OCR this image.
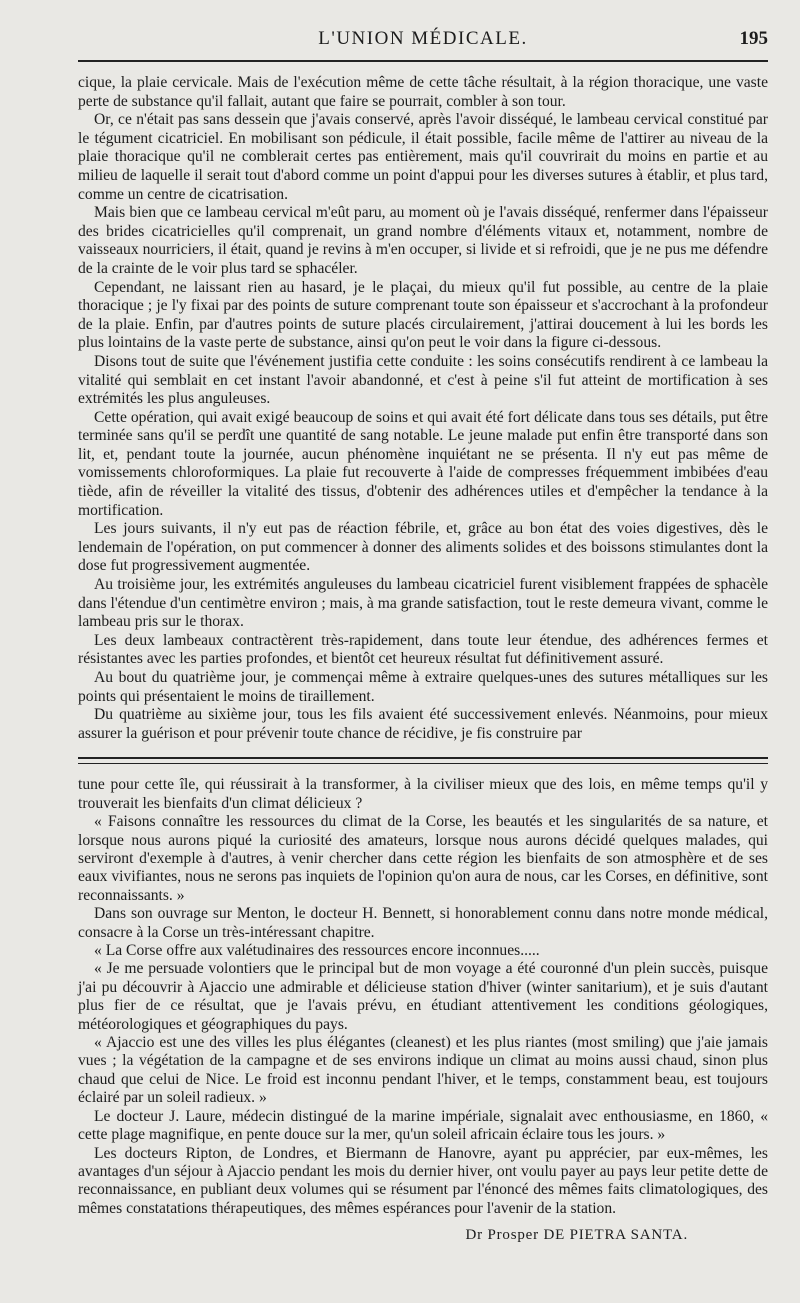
L'UNION MÉDICALE.	195

cique, la plaie cervicale. Mais de l'exécution même de cette tâche résultait, à la région thoracique, une vaste perte de substance qu'il fallait, autant que faire se pourrait, combler à son tour.

Or, ce n'était pas sans dessein que j'avais conservé, après l'avoir disséqué, le lambeau cervical constitué par le tégument cicatriciel. En mobilisant son pédicule, il était possible, facile même de l'attirer au niveau de la plaie thoracique qu'il ne comblerait certes pas entièrement, mais qu'il couvrirait du moins en partie et au milieu de laquelle il serait tout d'abord comme un point d'appui pour les diverses sutures à établir, et plus tard, comme un centre de cicatrisation.

Mais bien que ce lambeau cervical m'eût paru, au moment où je l'avais disséqué, renfermer dans l'épaisseur des brides cicatricielles qu'il comprenait, un grand nombre d'éléments vitaux et, notamment, nombre de vaisseaux nourriciers, il était, quand je revins à m'en occuper, si livide et si refroidi, que je ne pus me défendre de la crainte de le voir plus tard se sphacéler.

Cependant, ne laissant rien au hasard, je le plaçai, du mieux qu'il fut possible, au centre de la plaie thoracique ; je l'y fixai par des points de suture comprenant toute son épaisseur et s'accrochant à la profondeur de la plaie. Enfin, par d'autres points de suture placés circulairement, j'attirai doucement à lui les bords les plus lointains de la vaste perte de substance, ainsi qu'on peut le voir dans la figure ci-dessous.

Disons tout de suite que l'événement justifia cette conduite : les soins consécutifs rendirent à ce lambeau la vitalité qui semblait en cet instant l'avoir abandonné, et c'est à peine s'il fut atteint de mortification à ses extrémités les plus anguleuses.

Cette opération, qui avait exigé beaucoup de soins et qui avait été fort délicate dans tous ses détails, put être terminée sans qu'il se perdît une quantité de sang notable. Le jeune malade put enfin être transporté dans son lit, et, pendant toute la journée, aucun phénomène inquiétant ne se présenta. Il n'y eut pas même de vomissements chloroformiques. La plaie fut recouverte à l'aide de compresses fréquemment imbibées d'eau tiède, afin de réveiller la vitalité des tissus, d'obtenir des adhérences utiles et d'empêcher la tendance à la mortification.

Les jours suivants, il n'y eut pas de réaction fébrile, et, grâce au bon état des voies digestives, dès le lendemain de l'opération, on put commencer à donner des aliments solides et des boissons stimulantes dont la dose fut progressivement augmentée.

Au troisième jour, les extrémités anguleuses du lambeau cicatriciel furent visiblement frappées de sphacèle dans l'étendue d'un centimètre environ ; mais, à ma grande satisfaction, tout le reste demeura vivant, comme le lambeau pris sur le thorax.

Les deux lambeaux contractèrent très-rapidement, dans toute leur étendue, des adhérences fermes et résistantes avec les parties profondes, et bientôt cet heureux résultat fut définitivement assuré.

Au bout du quatrième jour, je commençai même à extraire quelques-unes des sutures métalliques sur les points qui présentaient le moins de tiraillement.

Du quatrième au sixième jour, tous les fils avaient été successivement enlevés. Néanmoins, pour mieux assurer la guérison et pour prévenir toute chance de récidive, je fis construire par

tune pour cette île, qui réussirait à la transformer, à la civiliser mieux que des lois, en même temps qu'il y trouverait les bienfaits d'un climat délicieux ?

« Faisons connaître les ressources du climat de la Corse, les beautés et les singularités de sa nature, et lorsque nous aurons piqué la curiosité des amateurs, lorsque nous aurons décidé quelques malades, qui serviront d'exemple à d'autres, à venir chercher dans cette région les bienfaits de son atmosphère et de ses eaux vivifiantes, nous ne serons pas inquiets de l'opinion qu'on aura de nous, car les Corses, en définitive, sont reconnaissants. »

Dans son ouvrage sur Menton, le docteur H. Bennett, si honorablement connu dans notre monde médical, consacre à la Corse un très-intéressant chapitre.

« La Corse offre aux valétudinaires des ressources encore inconnues.....

« Je me persuade volontiers que le principal but de mon voyage a été couronné d'un plein succès, puisque j'ai pu découvrir à Ajaccio une admirable et délicieuse station d'hiver (winter sanitarium), et je suis d'autant plus fier de ce résultat, que je l'avais prévu, en étudiant attentivement les conditions géologiques, météorologiques et géographiques du pays.

« Ajaccio est une des villes les plus élégantes (cleanest) et les plus riantes (most smiling) que j'aie jamais vues ; la végétation de la campagne et de ses environs indique un climat au moins aussi chaud, sinon plus chaud que celui de Nice. Le froid est inconnu pendant l'hiver, et le temps, constamment beau, est toujours éclairé par un soleil radieux. »

Le docteur J. Laure, médecin distingué de la marine impériale, signalait avec enthousiasme, en 1860, « cette plage magnifique, en pente douce sur la mer, qu'un soleil africain éclaire tous les jours. »

Les docteurs Ripton, de Londres, et Biermann de Hanovre, ayant pu apprécier, par eux-mêmes, les avantages d'un séjour à Ajaccio pendant les mois du dernier hiver, ont voulu payer au pays leur petite dette de reconnaissance, en publiant deux volumes qui se résument par l'énoncé des mêmes faits climatologiques, des mêmes constatations thérapeutiques, des mêmes espérances pour l'avenir de la station.

Dr Prosper DE PIETRA SANTA.
